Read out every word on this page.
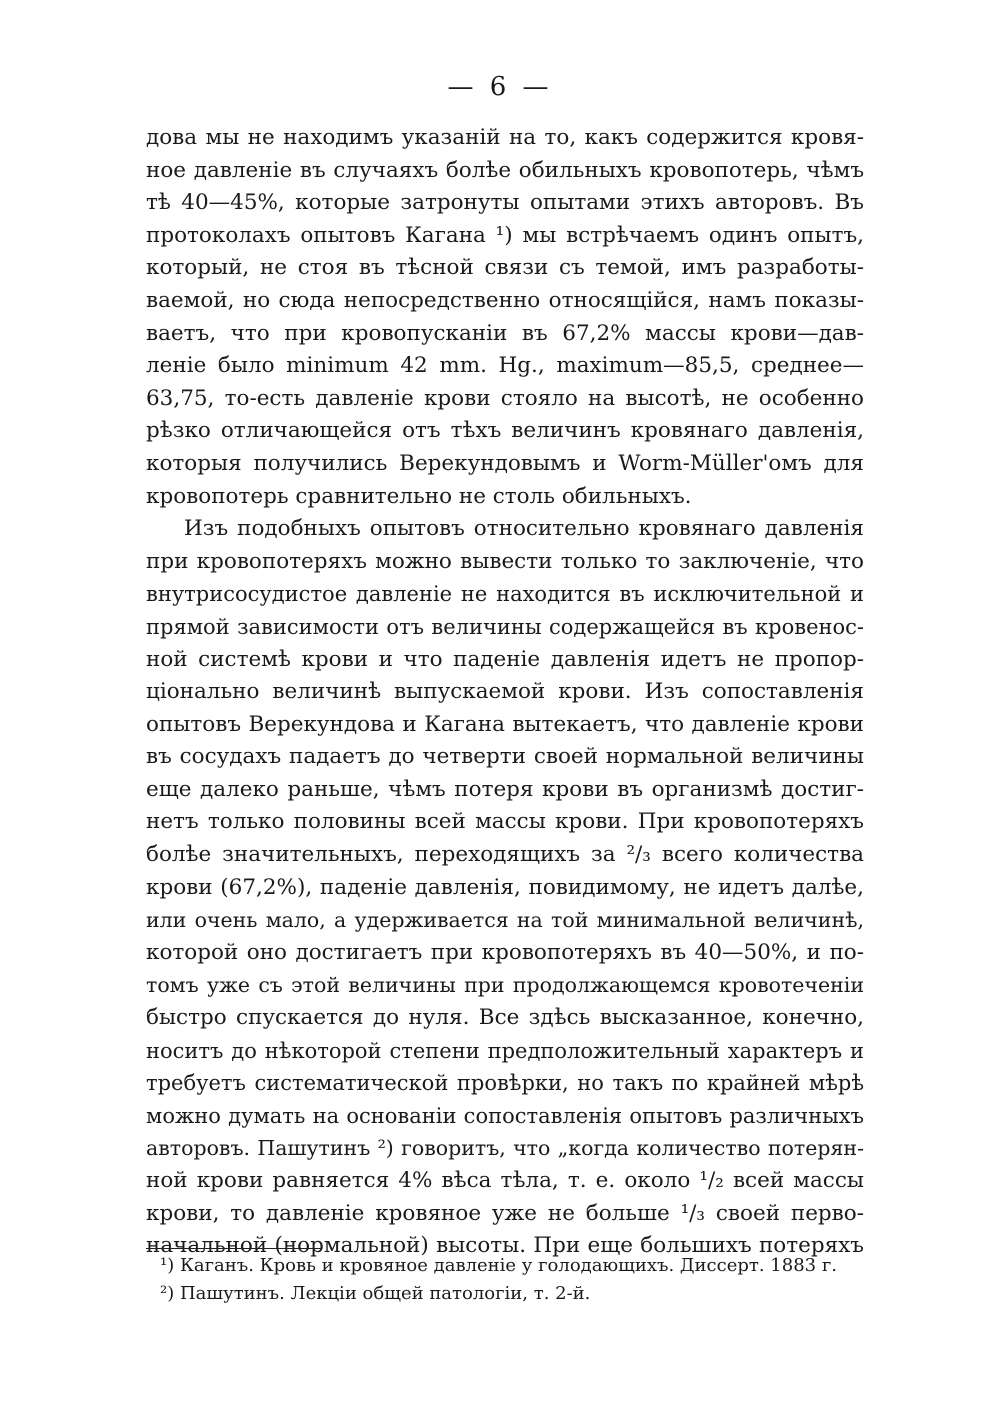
— 6 —
дова мы не находимъ указаній на то, какъ содержится кровя-
ное давленіе въ случаяхъ болѣе обильныхъ кровопотерь, чѣмъ
тѣ 40—45%, которые затронуты опытами этихъ авторовъ. Въ
протоколахъ опытовъ Кагана ¹) мы встрѣчаемъ одинъ опытъ,
который, не стоя въ тѣсной связи съ темой, имъ разработы-
ваемой, но сюда непосредственно относящійся, намъ показы-
ваетъ, что при кровопусканіи въ 67,2% массы крови—дав-
леніе было minimum 42 mm. Hg., maximum—85,5, среднее—
63,75, то-есть давленіе крови стояло на высотѣ, не особенно
рѣзко отличающейся отъ тѣхъ величинъ кровянаго давленія,
которыя получились Верекундовымъ и Worm-Müller'омъ для
кровопотерь сравнительно не столь обильныхъ.
Изъ подобныхъ опытовъ относительно кровянаго давленія
при кровопотеряхъ можно вывести только то заключеніе, что
внутрисосудистое давленіе не находится въ исключительной и
прямой зависимости отъ величины содержащейся въ кровенос-
ной системѣ крови и что паденіе давленія идетъ не пропор-
ціонально величинѣ выпускаемой крови. Изъ сопоставленія
опытовъ Верекундова и Кагана вытекаетъ, что давленіе крови
въ сосудахъ падаетъ до четверти своей нормальной величины
еще далеко раньше, чѣмъ потеря крови въ организмѣ достиг-
нетъ только половины всей массы крови. При кровопотеряхъ
болѣе значительныхъ, переходящихъ за ²/₃ всего количества
крови (67,2%), паденіе давленія, повидимому, не идетъ далѣе,
или очень мало, а удерживается на той минимальной величинѣ,
которой оно достигаетъ при кровопотеряхъ въ 40—50%, и по-
томъ уже съ этой величины при продолжающемся кровотеченіи
быстро спускается до нуля. Все здѣсь высказанное, конечно,
носитъ до нѣкоторой степени предположительный характеръ и
требуетъ систематической провѣрки, но такъ по крайней мѣрѣ
можно думать на основаніи сопоставленія опытовъ различныхъ
авторовъ. Пашутинъ ²) говоритъ, что „когда количество потерян-
ной крови равняется 4% вѣса тѣла, т. е. около ¹/₂ всей массы
крови, то давленіе кровяное уже не больше ¹/₃ своей перво-
начальной (нормальной) высоты. При еще большихъ потеряхъ
¹) Каганъ. Кровь и кровяное давленіе у голодающихъ. Диссерт. 1883 г.
²) Пашутинъ. Лекціи общей патологіи, т. 2-й.
